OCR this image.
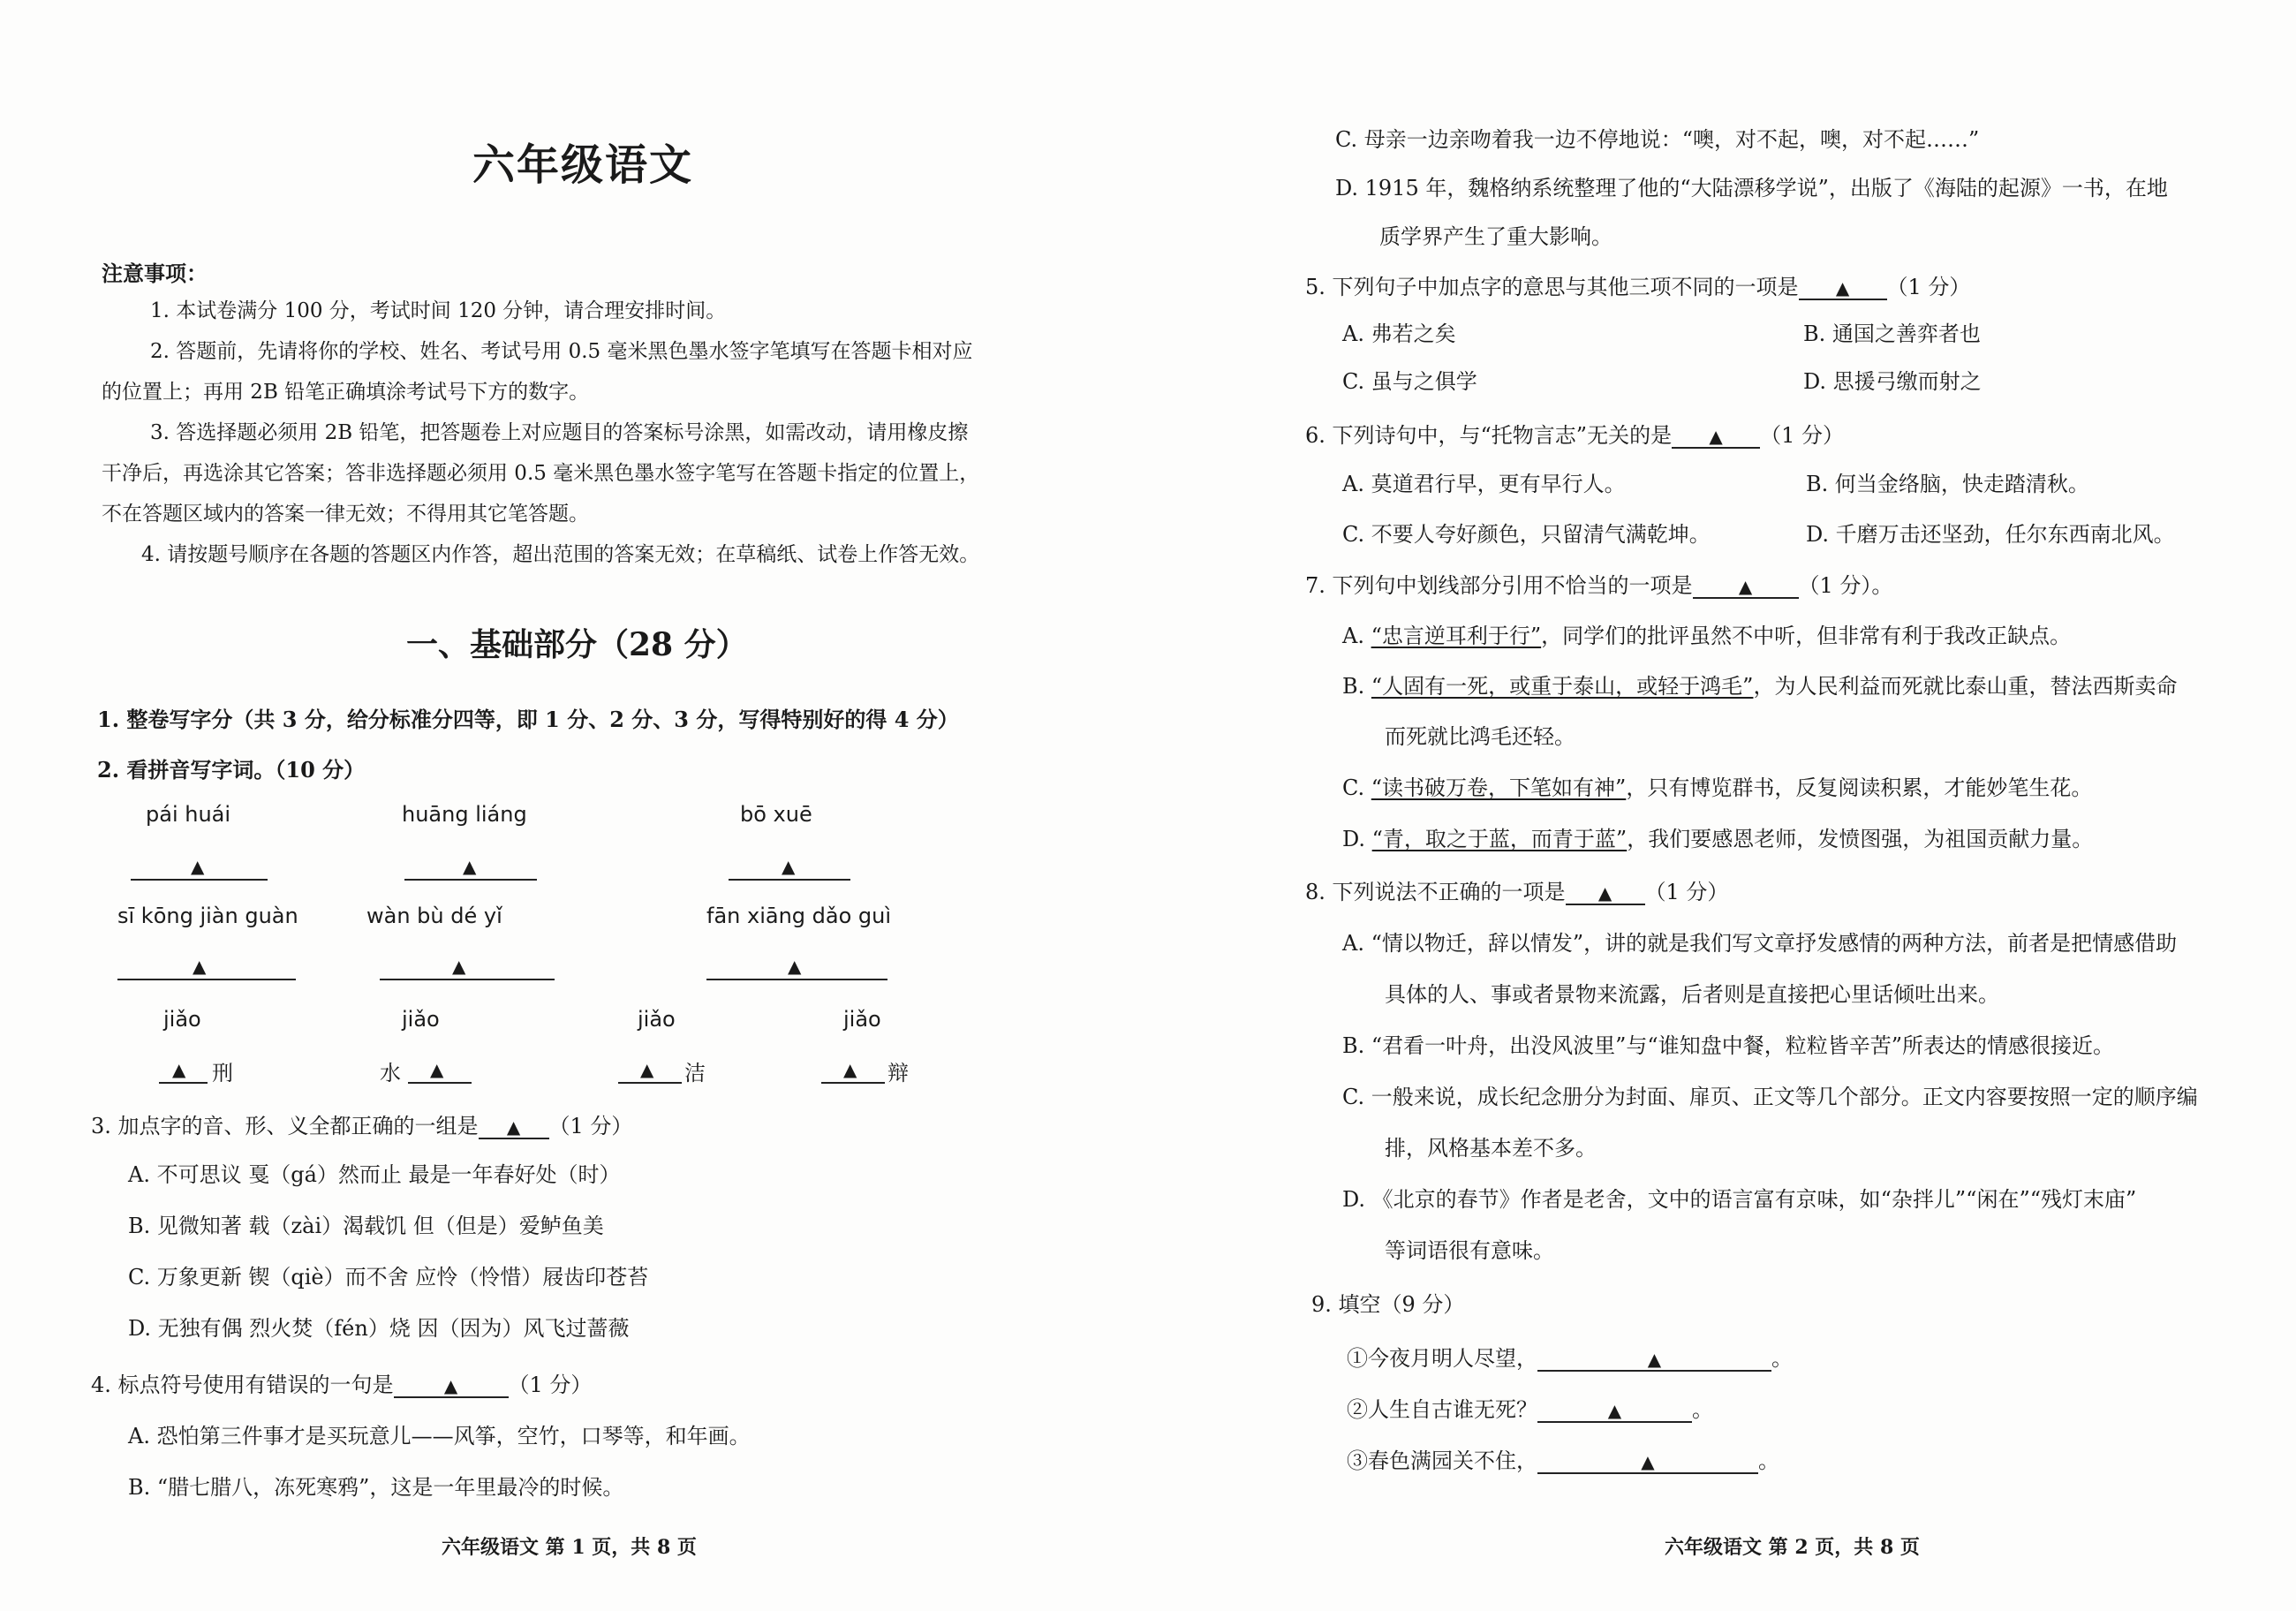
六年级语文
注意事项：
1. 本试卷满分 100 分，考试时间 120 分钟，请合理安排时间。
2. 答题前，先请将你的学校、姓名、考试号用 0.5 毫米黑色墨水签字笔填写在答题卡相对应
的位置上；再用 2B 铅笔正确填涂考试号下方的数字。
3. 答选择题必须用 2B 铅笔，把答题卷上对应题目的答案标号涂黑，如需改动，请用橡皮擦
干净后，再选涂其它答案；答非选择题必须用 0.5 毫米黑色墨水签字笔写在答题卡指定的位置上，
不在答题区域内的答案一律无效；不得用其它笔答题。
4. 请按题号顺序在各题的答题区内作答，超出范围的答案无效；在草稿纸、试卷上作答无效。
一、基础部分（28 分）
1. 整卷写字分（共 3 分，给分标准分四等，即 1 分、2 分、3 分，写得特别好的得 4 分）
2. 看拼音写字词。（10 分）
pái huái	huāng liáng	bō xuē
▲	▲	▲
sī kōng jiàn guàn	wàn bù dé yǐ	fān xiāng dǎo guì
▲	▲	▲
jiǎo	jiǎo	jiǎo	jiǎo
▲ 刑	水 ▲	▲ 洁	▲ 辩
3. 加点字的音、形、义全都正确的一组是 ▲ （1 分）
A. 不可思议 戛（gá）然而止 最是一年春好处（时）
B. 见微知著 载（zài）渴载饥 但（但是）爱鲈鱼美
C. 万象更新 锲（qiè）而不舍 应怜（怜惜）屐齿印苍苔
D. 无独有偶 烈火焚（fén）烧 因（因为）风飞过蔷薇
4. 标点符号使用有错误的一句是	▲ （1 分）
A. 恐怕第三件事才是买玩意儿——风筝，空竹，口琴等，和年画。
B. “腊七腊八，冻死寒鸦”，这是一年里最冷的时候。
六年级语文 第 1 页，共 8 页
C. 母亲一边亲吻着我一边不停地说：“噢，对不起，噢，对不起……”
D. 1915 年，魏格纳系统整理了他的“大陆漂移学说”，出版了《海陆的起源》一书，在地
质学界产生了重大影响。
5. 下列句子中加点字的意思与其他三项不同的一项是 ▲ （1 分）
A. 弗若之矣	B. 通国之善弈者也
C. 虽与之俱学	D. 思援弓缴而射之
6. 下列诗句中，与“托物言志”无关的是 ▲ （1 分）
A. 莫道君行早，更有早行人。	B. 何当金络脑，快走踏清秋。
C. 不要人夸好颜色，只留清气满乾坤。	D. 千磨万击还坚劲，任尔东西南北风。
7. 下列句中划线部分引用不恰当的一项是	▲ （1 分）。
A. “忠言逆耳利于行”，同学们的批评虽然不中听，但非常有利于我改正缺点。
B. “人固有一死，或重于泰山，或轻于鸿毛”，为人民利益而死就比泰山重，替法西斯卖命
而死就比鸿毛还轻。
C. “读书破万卷，下笔如有神”，只有博览群书，反复阅读积累，才能妙笔生花。
D. “青，取之于蓝，而青于蓝”，我们要感恩老师，发愤图强，为祖国贡献力量。
8. 下列说法不正确的一项是 ▲ （1 分）
A. “情以物迁，辞以情发”，讲的就是我们写文章抒发感情的两种方法，前者是把情感借助
具体的人、事或者景物来流露，后者则是直接把心里话倾吐出来。
B. “君看一叶舟，出没风波里”与“谁知盘中餐，粒粒皆辛苦”所表达的情感很接近。
C. 一般来说，成长纪念册分为封面、扉页、正文等几个部分。正文内容要按照一定的顺序编
排，风格基本差不多。
D. 《北京的春节》作者是老舍，文中的语言富有京味，如“杂拌儿”“闲在”“残灯末庙”
等词语很有意味。
9. 填空（9 分）
①今夜月明人尽望，	▲	。
②人生自古谁无死？	▲	。
③春色满园关不住，	▲	。
六年级语文 第 2 页，共 8 页
